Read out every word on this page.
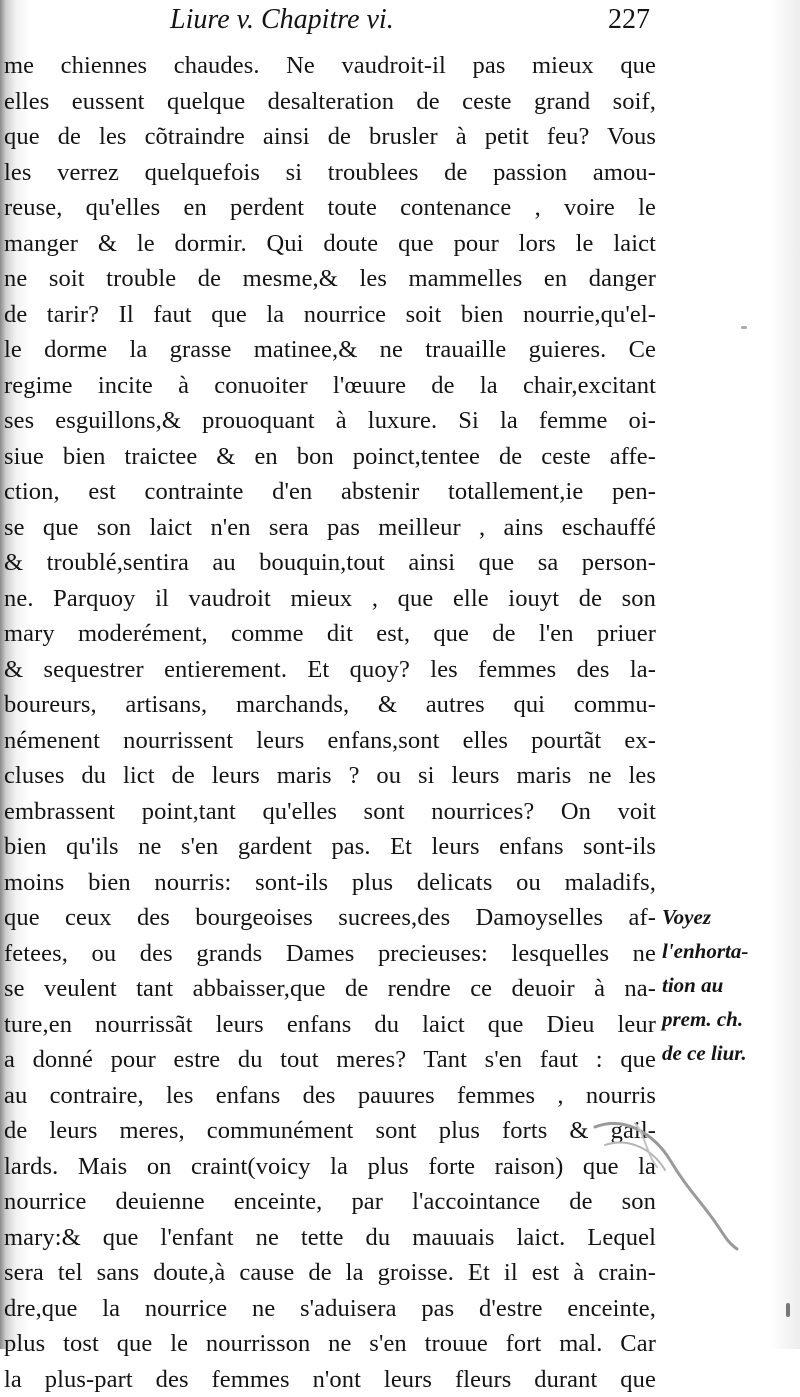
Liure v. Chapitre vi.	227
me chiennes chaudes. Ne vaudroit-il pas mieux que
elles eussent quelque desalteration de ceste grand soif,
que de les cõtraindre ainsi de brusler à petit feu? Vous
les verrez quelquefois si troublees de passion amou-
reuse, qu'elles en perdent toute contenance , voire le
manger & le dormir. Qui doute que pour lors le laict
ne soit trouble de mesme,& les mammelles en danger
de tarir? Il faut que la nourrice soit bien nourrie,qu'el-
le dorme la grasse matinee,& ne trauaille guieres. Ce
regime incite à conuoiter l'œuure de la chair,excitant
ses esguillons,& prouoquant à luxure. Si la femme oi-
siue bien traictee & en bon poinct,tentee de ceste affe-
ction, est contrainte d'en abstenir totallement,ie pen-
se que son laict n'en sera pas meilleur , ains eschauffé
& troublé,sentira au bouquin,tout ainsi que sa person-
ne. Parquoy il vaudroit mieux , que elle iouyt de son
mary moderément, comme dit est, que de l'en priuer
& sequestrer entierement. Et quoy? les femmes des la-
boureurs, artisans, marchands, & autres qui commu-
némenent nourrissent leurs enfans,sont elles pourtãt ex-
cluses du lict de leurs maris ? ou si leurs maris ne les
embrassent point,tant qu'elles sont nourrices? On voit
bien qu'ils ne s'en gardent pas. Et leurs enfans sont-ils
moins bien nourris: sont-ils plus delicats ou maladifs,
que ceux des bourgeoises sucrees,des Damoyselles af-
fetees, ou des grands Dames precieuses: lesquelles ne
se veulent tant abbaisser,que de rendre ce deuoir à na-
ture,en nourrissãt leurs enfans du laict que Dieu leur
a donné pour estre du tout meres? Tant s'en faut : que
au contraire, les enfans des pauures femmes , nourris
de leurs meres, communément sont plus forts & gail-
lards. Mais on craint(voicy la plus forte raison) que la
nourrice deuienne enceinte, par l'accointance de son
mary:& que l'enfant ne tette du mauuais laict. Lequel
sera tel sans doute,à cause de la groisse. Et il est à crain-
dre,que la nourrice ne s'aduisera pas d'estre enceinte,
plus tost que le nourrisson ne s'en trouue fort mal. Car
la plus-part des femmes n'ont leurs fleurs durant que
Voyez
l'enhorta-
tion au
prem. ch.
de ce liur.
